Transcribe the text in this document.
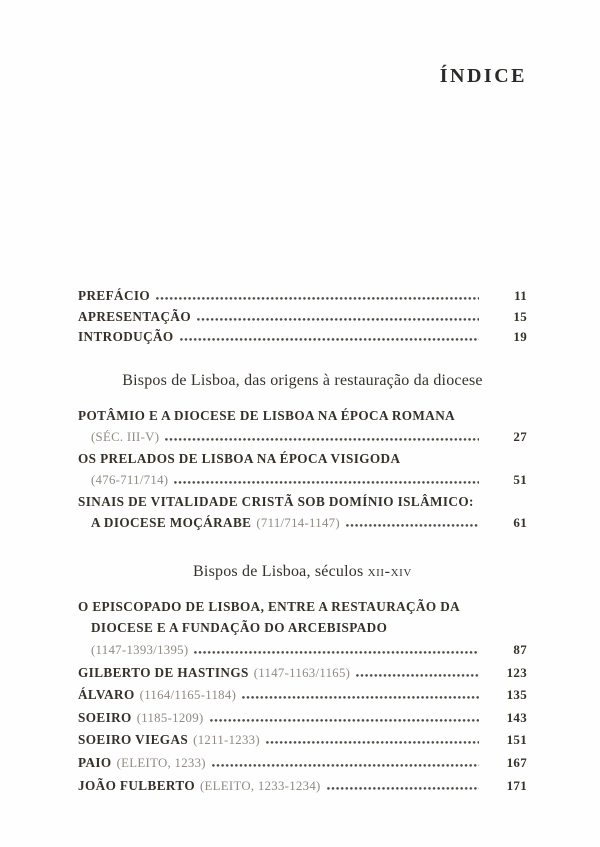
ÍNDICE
PREFÁCIO	11
APRESENTAÇÃO	15
INTRODUÇÃO	19
Bispos de Lisboa, das origens à restauração da diocese
POTÂMIO E A DIOCESE DE LISBOA NA ÉPOCA ROMANA
(SÉC. III-V)	27
OS PRELADOS DE LISBOA NA ÉPOCA VISIGODA
(476-711/714)	51
SINAIS DE VITALIDADE CRISTÃ SOB DOMÍNIO ISLÂMICO:
A DIOCESE MOÇÁRABE (711/714-1147)	61
Bispos de Lisboa, séculos xii-xiv
O EPISCOPADO DE LISBOA, ENTRE A RESTAURAÇÃO DA
DIOCESE E A FUNDAÇÃO DO ARCEBISPADO
(1147-1393/1395)	87
GILBERTO DE HASTINGS (1147-1163/1165)	123
ÁLVARO (1164/1165-1184)	135
SOEIRO (1185-1209)	143
SOEIRO VIEGAS (1211-1233)	151
PAIO (ELEITO, 1233)	167
JOÃO FULBERTO (ELEITO, 1233-1234)	171
